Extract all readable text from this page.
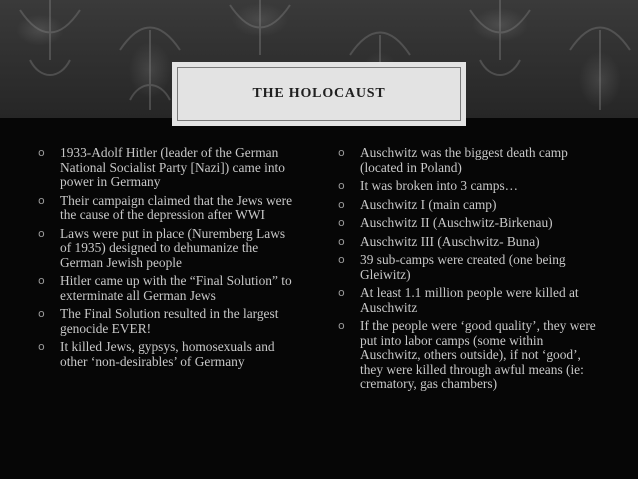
THE HOLOCAUST
o 1933-Adolf Hitler (leader of the German National Socialist Party [Nazi]) came into power in Germany
o Their campaign claimed that the Jews were the cause of the depression after WWI
o Laws were put in place (Nuremberg Laws of 1935) designed to dehumanize the German Jewish people
o Hitler came up with the “Final Solution” to exterminate all German Jews
o The Final Solution resulted in the largest genocide EVER!
o It killed Jews, gypsys, homosexuals and other ‘non-desirables’ of Germany
o Auschwitz was the biggest death camp (located in Poland)
o It was broken into 3 camps…
o Auschwitz I (main camp)
o Auschwitz II (Auschwitz-Birkenau)
o Auschwitz III (Auschwitz- Buna)
o 39 sub-camps were created (one being Gleiwitz)
o At least 1.1 million people were killed at Auschwitz
o If the people were ‘good quality’, they were put into labor camps (some within Auschwitz, others outside), if not ‘good’, they were killed through awful means (ie: crematory, gas chambers)
